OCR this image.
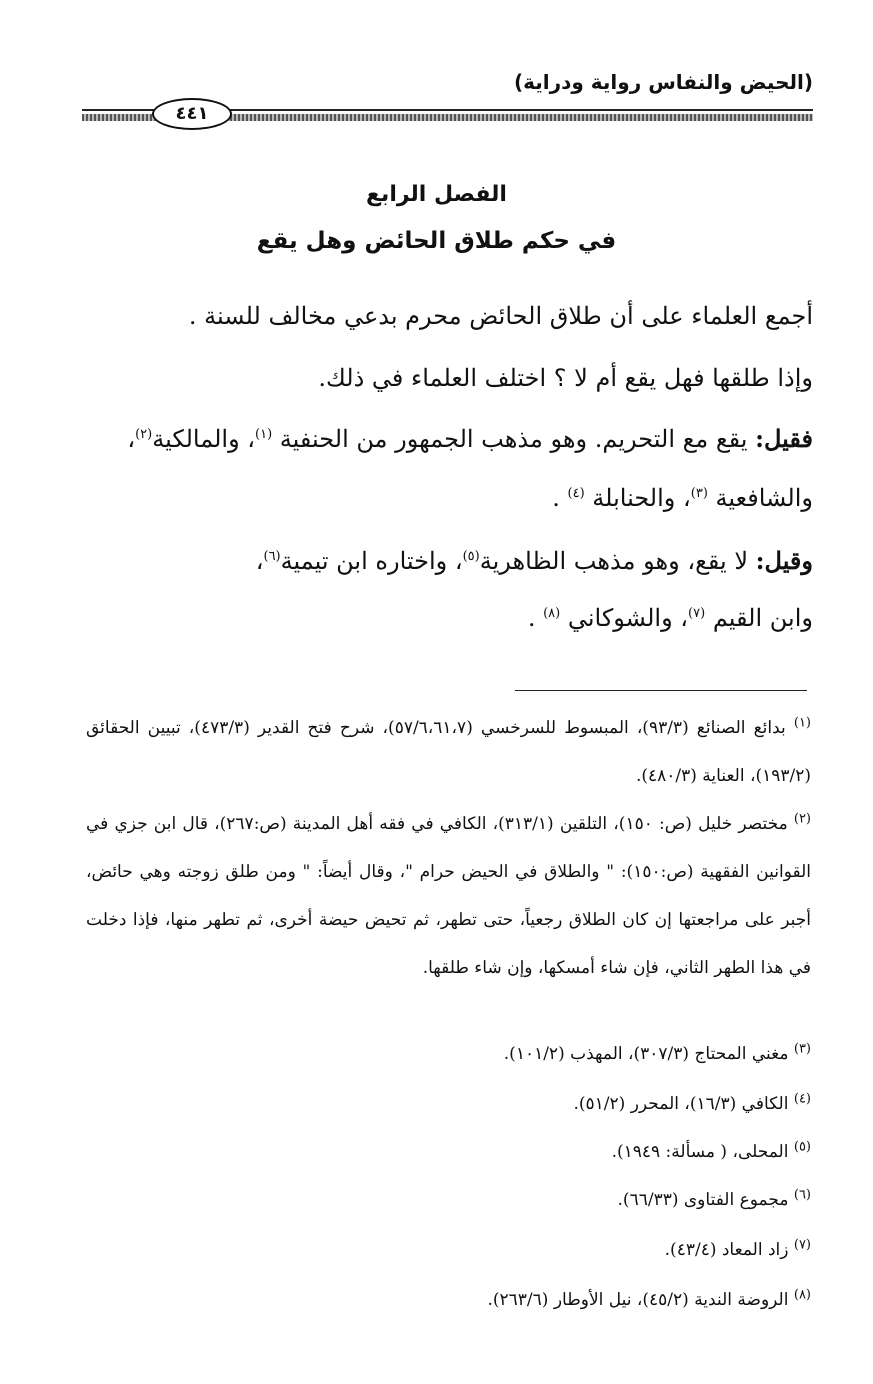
(الحيض والنفاس رواية ودراية)
٤٤١
الفصل الرابع
في حكم طلاق الحائض وهل يقع
أجمع العلماء على أن طلاق الحائض محرم بدعي مخالف للسنة .
وإذا طلقها فهل يقع أم لا ؟ اختلف العلماء في ذلك.
فقيل: يقع مع التحريم. وهو مذهب الجمهور من الحنفية $^{(١)}$، والمالكية$^{(٢)}$،
والشافعية $^{(٣)}$، والحنابلة $^{(٤)}$ .
وقيل: لا يقع، وهو مذهب الظاهرية$^{(٥)}$، واختاره ابن تيمية$^{(٦)}$،
وابن القيم $^{(٧)}$، والشوكاني $^{(٨)}$ .
$^{(١)}$ بدائع الصنائع (٩٣/٣)، المبسوط للسرخسي (٥٧/٦،٦١،٧)، شرح فتح القدير (٤٧٣/٣)، تبيين الحقائق (١٩٣/٢)، العناية (٤٨٠/٣).
$^{(٢)}$ مختصر خليل (ص: ١٥٠)، التلقين (٣١٣/١)، الكافي في فقه أهل المدينة (ص:٢٦٧)، قال ابن جزي في القوانين الفقهية (ص:١٥٠): " والطلاق في الحيض حرام "، وقال أيضاً: " ومن طلق زوجته وهي حائض، أجبر على مراجعتها إن كان الطلاق رجعياً، حتى تطهر، ثم تحيض حيضة أخرى، ثم تطهر منها، فإذا دخلت في هذا الطهر الثاني، فإن شاء أمسكها، وإن شاء طلقها.
$^{(٣)}$ مغني المحتاج (٣٠٧/٣)، المهذب (١٠١/٢).
$^{(٤)}$ الكافي (١٦/٣)، المحرر (٥١/٢).
$^{(٥)}$ المحلى، ( مسألة: ١٩٤٩).
$^{(٦)}$ مجموع الفتاوى (٦٦/٣٣).
$^{(٧)}$ زاد المعاد (٤٣/٤).
$^{(٨)}$ الروضة الندية (٤٥/٢)، نيل الأوطار (٢٦٣/٦).
